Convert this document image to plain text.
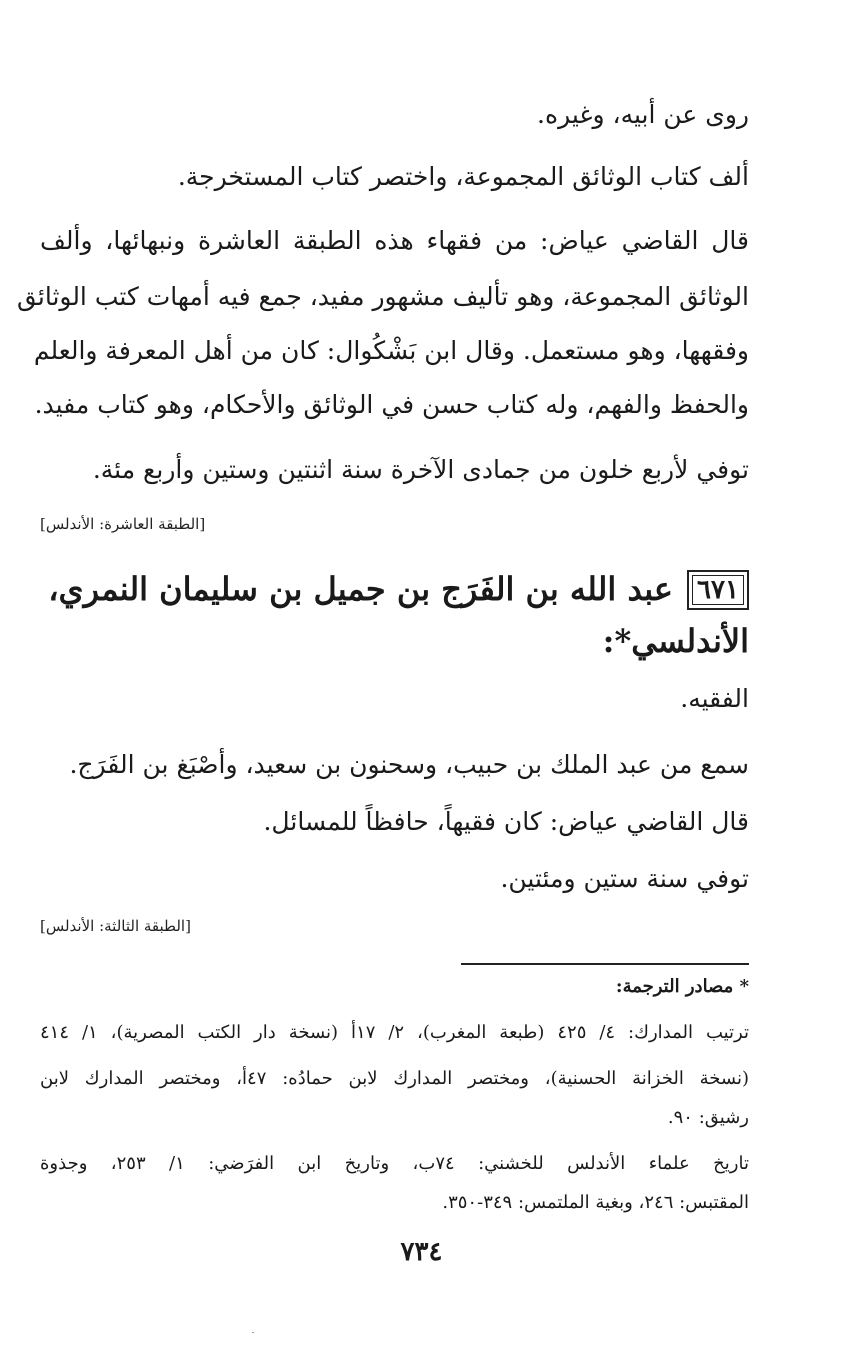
روى عن أبيه، وغيره.
ألف كتاب الوثائق المجموعة، واختصر كتاب المستخرجة.
قال القاضي عياض: من فقهاء هذه الطبقة العاشرة ونبهائها، وألف
الوثائق المجموعة، وهو تأليف مشهور مفيد، جمع فيه أمهات كتب الوثائق
وفقهها، وهو مستعمل. وقال ابن بَشْكُوال: كان من أهل المعرفة والعلم
والحفظ والفهم، وله كتاب حسن في الوثائق والأحكام، وهو كتاب مفيد.
توفي لأربع خلون من جمادى الآخرة سنة اثنتين وستين وأربع مئة.
[الطبقة العاشرة: الأندلس]
٦٧١
عبد الله بن الفَرَج بن جميل بن سليمان النمري،
الأندلسي*:
الفقيه.
سمع من عبد الملك بن حبيب، وسحنون بن سعيد، وأصْبَغ بن الفَرَج.
قال القاضي عياض: كان فقيهاً، حافظاً للمسائل.
توفي سنة ستين ومئتين.
[الطبقة الثالثة: الأندلس]
* مصادر الترجمة:
ترتيب المدارك: ٤/ ٤٢٥ (طبعة المغرب)، ٢/ ١٧أ (نسخة دار الكتب المصرية)، ١/ ٤١٤
(نسخة الخزانة الحسنية)، ومختصر المدارك لابن حمادُه: ٤٧أ، ومختصر المدارك لابن
رشيق: ٩٠.
تاريخ علماء الأندلس للخشني: ٧٤ب، وتاريخ ابن الفرَضي: ١/ ٢٥٣، وجذوة
المقتبس: ٢٤٦، وبغية الملتمس: ٣٤٩-٣٥٠.
٧٣٤
